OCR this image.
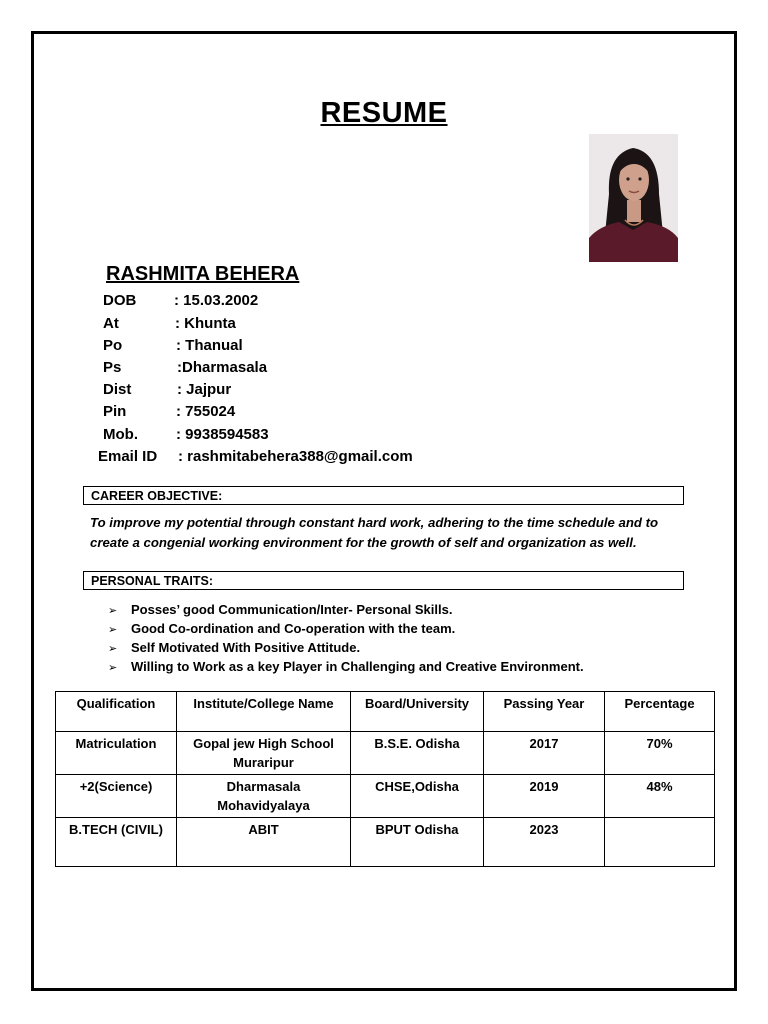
RESUME
RASHMITA BEHERA
DOB	: 15.03.2002
At	: Khunta
Po	: Thanual
Ps	:Dharmasala
Dist	: Jajpur
Pin	: 755024
Mob.	: 9938594583
Email ID : rashmitabehera388@gmail.com
CAREER OBJECTIVE:
To improve my potential through constant hard work, adhering to the time schedule and to create a congenial working environment for the growth of self and organization as well.
PERSONAL TRAITS:
➢ Posses’ good Communication/Inter- Personal Skills.
➢ Good Co-ordination and Co-operation with the team.
➢ Self Motivated With Positive Attitude.
➢ Willing to Work as a key Player in Challenging and Creative Environment.
Qualification	Institute/College Name	Board/University	Passing Year	Percentage
Matriculation	Gopal jew High School Muraripur	B.S.E. Odisha	2017	70%
+2(Science)	Dharmasala Mohavidyalaya	CHSE,Odisha	2019	48%
B.TECH (CIVIL)	ABIT	BPUT Odisha	2023	
